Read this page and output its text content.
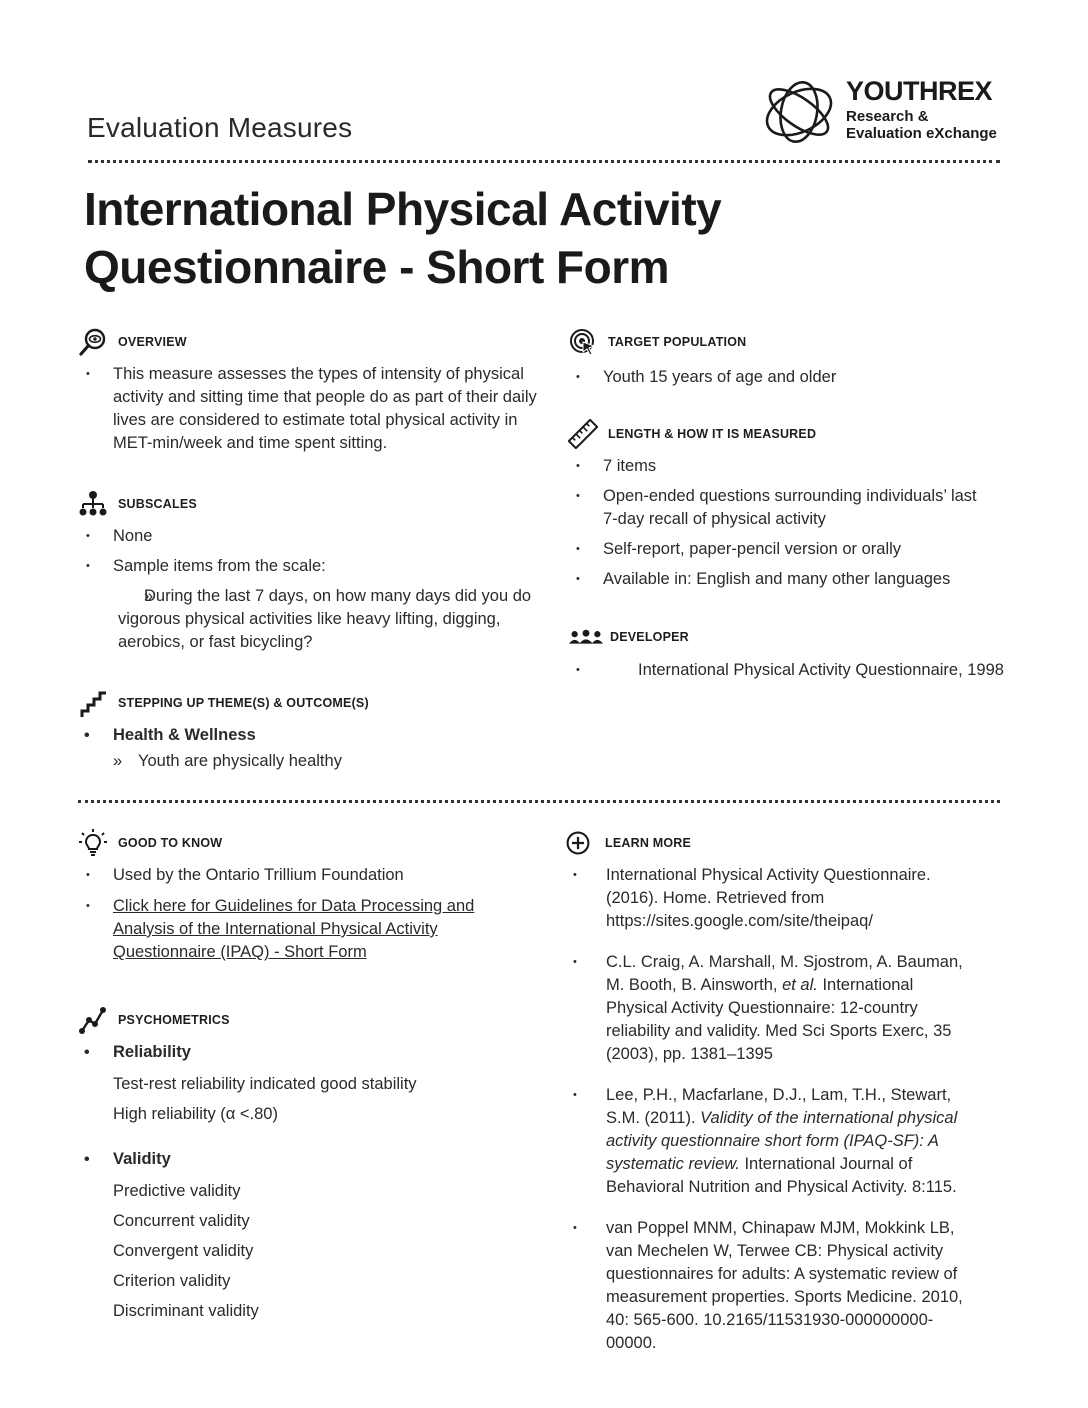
Evaluation Measures
YOUTHREX
Research &
Evaluation eXchange
International Physical Activity
Questionnaire - Short Form
OVERVIEW
• This measure assesses the types of intensity of physical activity and sitting time that people do as part of their daily lives are considered to estimate total physical activity in MET-min/week and time spent sitting.
SUBSCALES
• None
• Sample items from the scale:
» During the last 7 days, on how many days did you do vigorous physical activities like heavy lifting, digging, aerobics, or fast bicycling?
STEPPING UP THEME(S) & OUTCOME(S)
• Health & Wellness
» Youth are physically healthy
TARGET POPULATION
• Youth 15 years of age and older
LENGTH & HOW IT IS MEASURED
• 7 items
• Open-ended questions surrounding individuals’ last 7-day recall of physical activity
• Self-report, paper-pencil version or orally
• Available in: English and many other languages
DEVELOPER
• International Physical Activity Questionnaire, 1998
GOOD TO KNOW
• Used by the Ontario Trillium Foundation
• Click here for Guidelines for Data Processing and Analysis of the International Physical Activity Questionnaire (IPAQ) - Short Form
PSYCHOMETRICS
• Reliability
Test-rest reliability indicated good stability
High reliability (α <.80)
• Validity
Predictive validity
Concurrent validity
Convergent validity
Criterion validity
Discriminant validity
LEARN MORE
• International Physical Activity Questionnaire. (2016). Home. Retrieved from https://sites.google.com/site/theipaq/
• C.L. Craig, A. Marshall, M. Sjostrom, A. Bauman, M. Booth, B. Ainsworth, et al. International Physical Activity Questionnaire: 12-country reliability and validity. Med Sci Sports Exerc, 35 (2003), pp. 1381–1395
• Lee, P.H., Macfarlane, D.J., Lam, T.H., Stewart, S.M. (2011). Validity of the international physical activity questionnaire short form (IPAQ-SF): A systematic review. International Journal of Behavioral Nutrition and Physical Activity. 8:115.
• van Poppel MNM, Chinapaw MJM, Mokkink LB, van Mechelen W, Terwee CB: Physical activity questionnaires for adults: A systematic review of measurement properties. Sports Medicine. 2010, 40: 565-600. 10.2165/11531930-000000000-00000.
